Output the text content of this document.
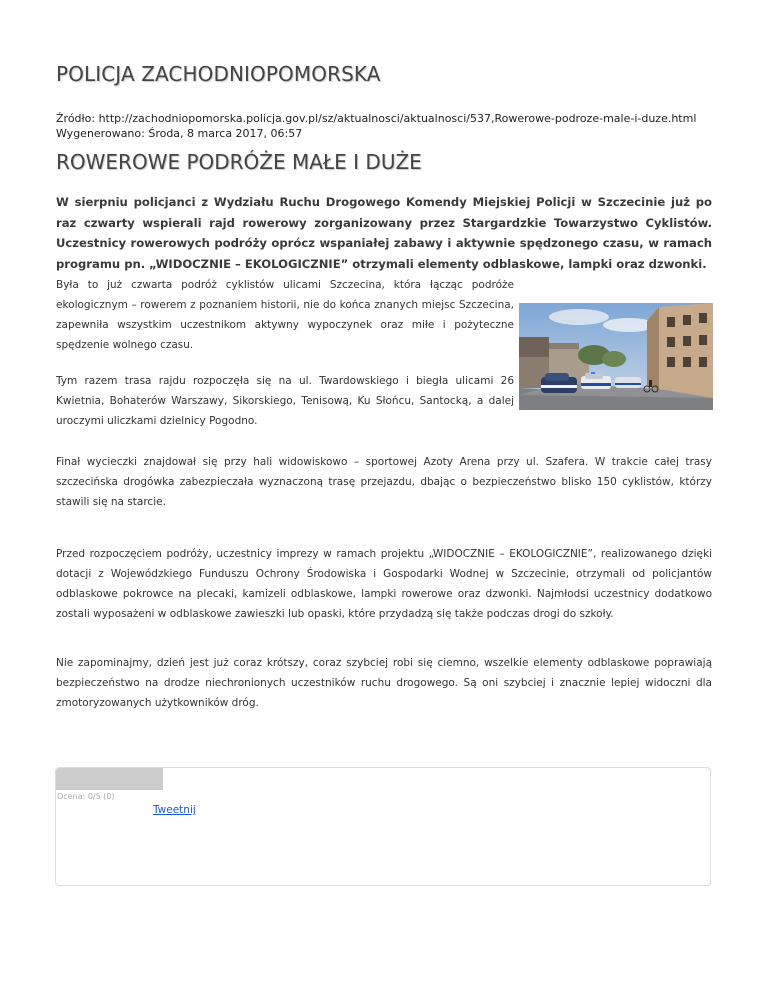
POLICJA ZACHODNIOPOMORSKA
Źródło: http://zachodniopomorska.policja.gov.pl/sz/aktualnosci/aktualnosci/537,Rowerowe-podroze-male-i-duze.html
Wygenerowano: Środa, 8 marca 2017, 06:57
ROWEROWE PODRÓŻE MAŁE I DUŻE

W sierpniu policjanci z Wydziału Ruchu Drogowego Komendy Miejskiej Policji w Szczecinie już po raz czwarty wspierali rajd rowerowy zorganizowany przez Stargardzkie Towarzystwo Cyklistów. Uczestnicy rowerowych podróży oprócz wspaniałej zabawy i aktywnie spędzonego czasu, w ramach programu pn. „WIDOCZNIE – EKOLOGICZNIE” otrzymali elementy odblaskowe, lampki oraz dzwonki.

Była to już czwarta podróż cyklistów ulicami Szczecina, która łącząc podróże ekologicznym – rowerem z poznaniem historii, nie do końca znanych miejsc Szczecina, zapewniła wszystkim uczestnikom aktywny wypoczynek oraz miłe i pożyteczne spędzenie wolnego czasu.

Tym razem trasa rajdu rozpoczęła się na ul. Twardowskiego i biegła ulicami 26 Kwietnia, Bohaterów Warszawy, Sikorskiego, Tenisową, Ku Słońcu, Santocką, a dalej uroczymi uliczkami dzielnicy Pogodno.

Finał wycieczki znajdował się przy hali widowiskowo – sportowej Azoty Arena przy ul. Szafera. W trakcie całej trasy szczecińska drogówka zabezpieczała wyznaczoną trasę przejazdu, dbając o bezpieczeństwo blisko 150 cyklistów, którzy stawili się na starcie.

Przed rozpoczęciem podróży, uczestnicy imprezy w ramach projektu „WIDOCZNIE – EKOLOGICZNIE”, realizowanego dzięki dotacji z Wojewódzkiego Funduszu Ochrony Środowiska i Gospodarki Wodnej w Szczecinie, otrzymali od policjantów odblaskowe pokrowce na plecaki, kamizeli odblaskowe, lampki rowerowe oraz dzwonki. Najmłodsi uczestnicy dodatkowo zostali wyposażeni w odblaskowe zawieszki lub opaski, które przydadzą się także podczas drogi do szkoły.

Nie zapominajmy, dzień jest już coraz krótszy, coraz szybciej robi się ciemno, wszelkie elementy odblaskowe poprawiają bezpieczeństwo na drodze niechronionych uczestników ruchu drogowego. Są oni szybciej i znacznie lepiej widoczni dla zmotoryzowanych użytkowników dróg.

Ocena: 0/5 (0)
Tweetnij
